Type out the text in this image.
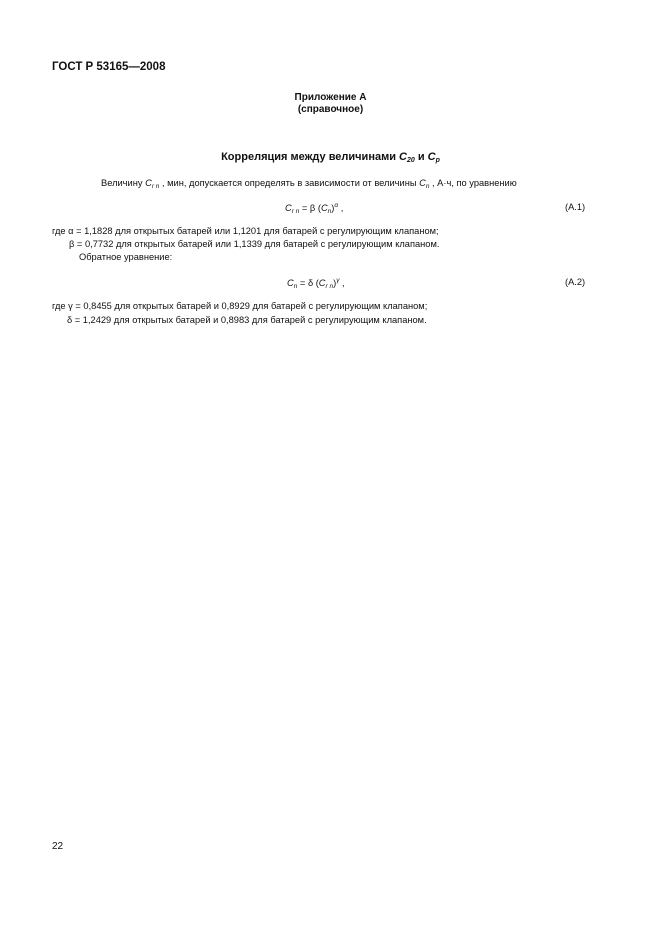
ГОСТ Р 53165—2008
Приложение А
(справочное)
Корреляция между величинами $C_{20}$ и $C_p$
Величину $C_{r n}$ , мин, допускается определять в зависимости от величины $C_n$ , А·ч, по уравнению
$C_{r n} = \beta$ $(C_n)^\alpha$ ,	(А.1)
где α = 1,1828 для открытых батарей или 1,1201 для батарей с регулирующим клапаном;
β = 0,7732 для открытых батарей или 1,1339 для батарей с регулирующим клапаном.
Обратное уравнение:
$C_n = \delta$ $(C_{r n})^\gamma$ ,	(А.2)
где γ = 0,8455 для открытых батарей и 0,8929 для батарей с регулирующим клапаном;
δ = 1,2429 для открытых батарей и 0,8983 для батарей с регулирующим клапаном.
22
